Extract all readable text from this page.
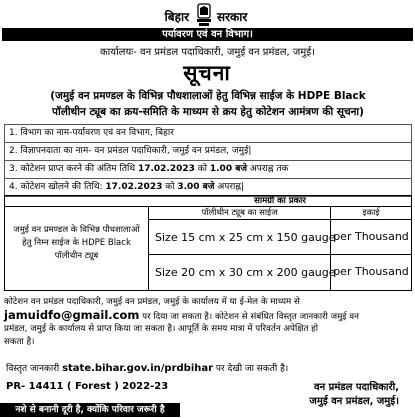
बिहार सरकार
पर्यावरण एवं वन विभाग।
कार्यालयः- वन प्रमंडल पदाधिकारी, जमुई वन प्रमंडल, जमुई।
सूचना
(जमुई वन प्रमण्डल के विभिन्न पौधशालाओं हेतु विभिन्न साईज के HDPE Black
पॉलीथीन ट्यूब का क्रय-समिति के माध्यम से क्रय हेतु कोटेशन आमंत्रण की सूचना)
1. विभाग का नाम-पर्यावरण एवं वन विभाग, बिहार
2. विज्ञापनदाता का नाम- वन प्रमंडल पदाधिकारी, जमुई वन प्रमंडल, जमुई|
3. कोटेशन प्राप्त करने की अंतिम तिथि 17.02.2023 को 1.00 बजे अपराह्न तक
4. कोटेशन खोलने की तिथि: 17.02.2023 को 3.00 बजे अपराह्न|
जमुई वन प्रमण्डल के विभिन्न पौधशालाओं हेतु निम्न साईज के HDPE Black पॉलीथीन ट्यूब
सामग्री का प्रकार
पॉलीथीन ट्यूब का साईज	इकाई
Size 15 cm x 25 cm x 150 gauge
per Thousand
Size 20 cm x 30 cm x 200 gauge
per Thousand
कोटेशन वन प्रमंडल पदाधिकारी, जमुई वन प्रमंडल, जमुई के कार्यालय में या ई-मेल के माध्यम से
jamuidfo@gmail.com पर दिया जा सकता है। कोटेशन से संबंधित विस्तृत जानकारी जमुई वन
प्रमंडल, जमुई के कार्यालय से प्राप्त किया जा सकता है। आपूर्ति के समय मात्रा में परिवर्तन अपेक्षित हो
सकता है।
विस्तृत जानकारी state.bihar.gov.in/prdbihar पर देखी जा सकती है।
PR- 14411 ( Forest ) 2022-23	वन प्रमंडल पदाधिकारी,
जमुई वन प्रमंडल, जमुई।
नशे से बनानी दूरी है, क्योंकि परिवार जरूरी है
